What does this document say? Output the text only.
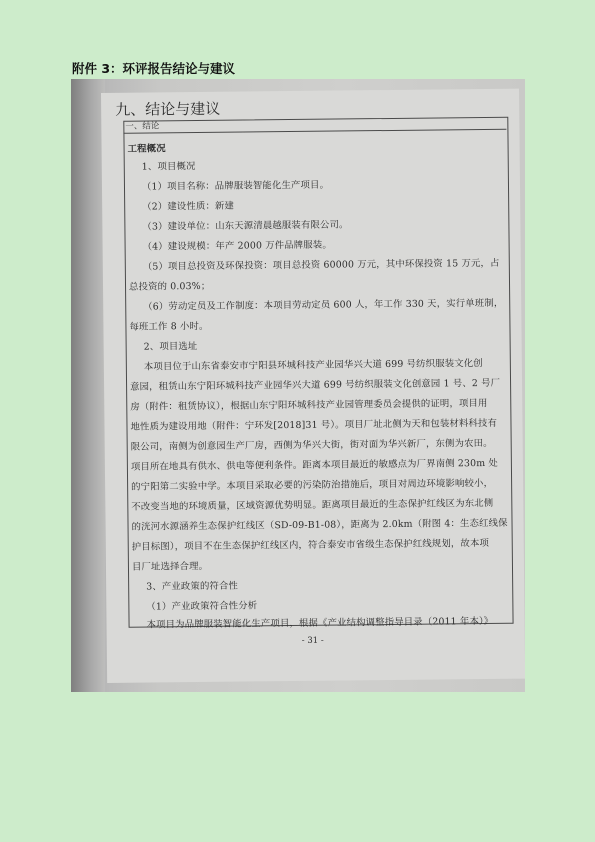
附件 3：环评报告结论与建议
九、结论与建议
一、结论
工程概况
1、项目概况
（1）项目名称：品牌服装智能化生产项目。
（2）建设性质：新建
（3）建设单位：山东天源清晨越服装有限公司。
（4）建设规模：年产 2000 万件品牌服装。
（5）项目总投资及环保投资：项目总投资 60000 万元，其中环保投资 15 万元，占
总投资的 0.03%；
（6）劳动定员及工作制度：本项目劳动定员 600 人，年工作 330 天，实行单班制，
每班工作 8 小时。
2、项目选址
本项目位于山东省泰安市宁阳县环城科技产业园华兴大道 699 号纺织服装文化创
意园，租赁山东宁阳环城科技产业园华兴大道 699 号纺织服装文化创意园 1 号、2 号厂
房（附件：租赁协议），根据山东宁阳环城科技产业园管理委员会提供的证明，项目用
地性质为建设用地（附件：宁环发[2018]31 号）。项目厂址北侧为天和包装材料科技有
限公司，南侧为创意园生产厂房，西侧为华兴大街，街对面为华兴新厂，东侧为农田。
项目所在地具有供水、供电等便利条件。距离本项目最近的敏感点为厂界南侧 230m 处
的宁阳第二实验中学。本项目采取必要的污染防治措施后，项目对周边环境影响较小，
不改变当地的环境质量，区域资源优势明显。距离项目最近的生态保护红线区为东北侧
的洸河水源涵养生态保护红线区（SD-09-B1-08），距离为 2.0km（附图 4：生态红线保
护目标图），项目不在生态保护红线区内，符合泰安市省级生态保护红线规划，故本项
目厂址选择合理。
3、产业政策的符合性
（1）产业政策符合性分析
本项目为品牌服装智能化生产项目，根据《产业结构调整指导目录（2011 年本）》
- 31 -
